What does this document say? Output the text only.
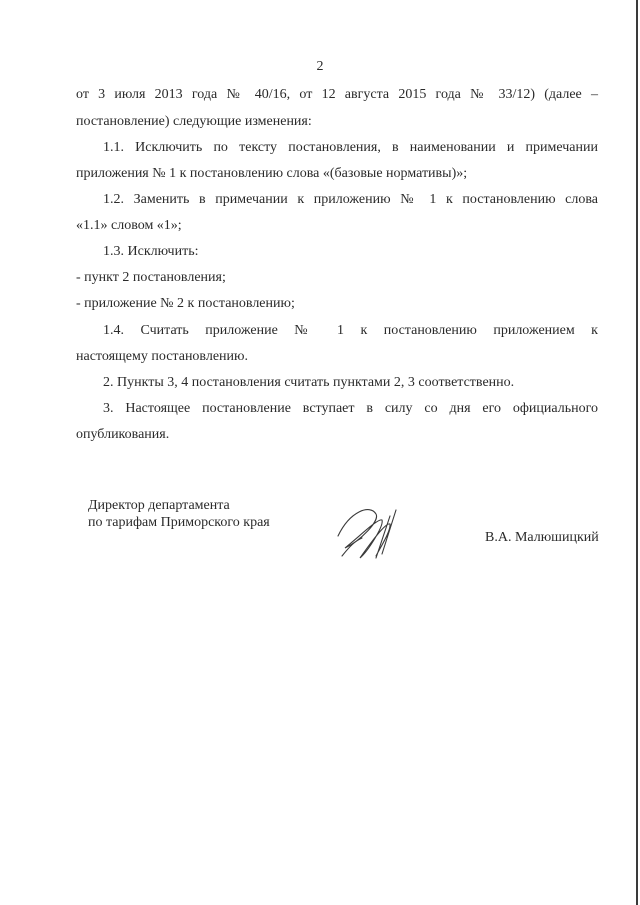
2
от 3 июля 2013 года № 40/16, от 12 августа 2015 года № 33/12) (далее –
постановление) следующие изменения:
1.1. Исключить по тексту постановления, в наименовании и примечании
приложения № 1 к постановлению слова «(базовые нормативы)»;
1.2. Заменить в примечании к приложению № 1 к постановлению слова
«1.1» словом «1»;
1.3. Исключить:
- пункт 2 постановления;
- приложение № 2 к постановлению;
1.4. Считать приложение № 1 к постановлению приложением к
настоящему постановлению.
2. Пункты 3, 4 постановления считать пунктами 2, 3 соответственно.
3. Настоящее постановление вступает в силу со дня его официального
опубликования.
Директор департамента
по тарифам Приморского края
В.А. Малюшицкий
